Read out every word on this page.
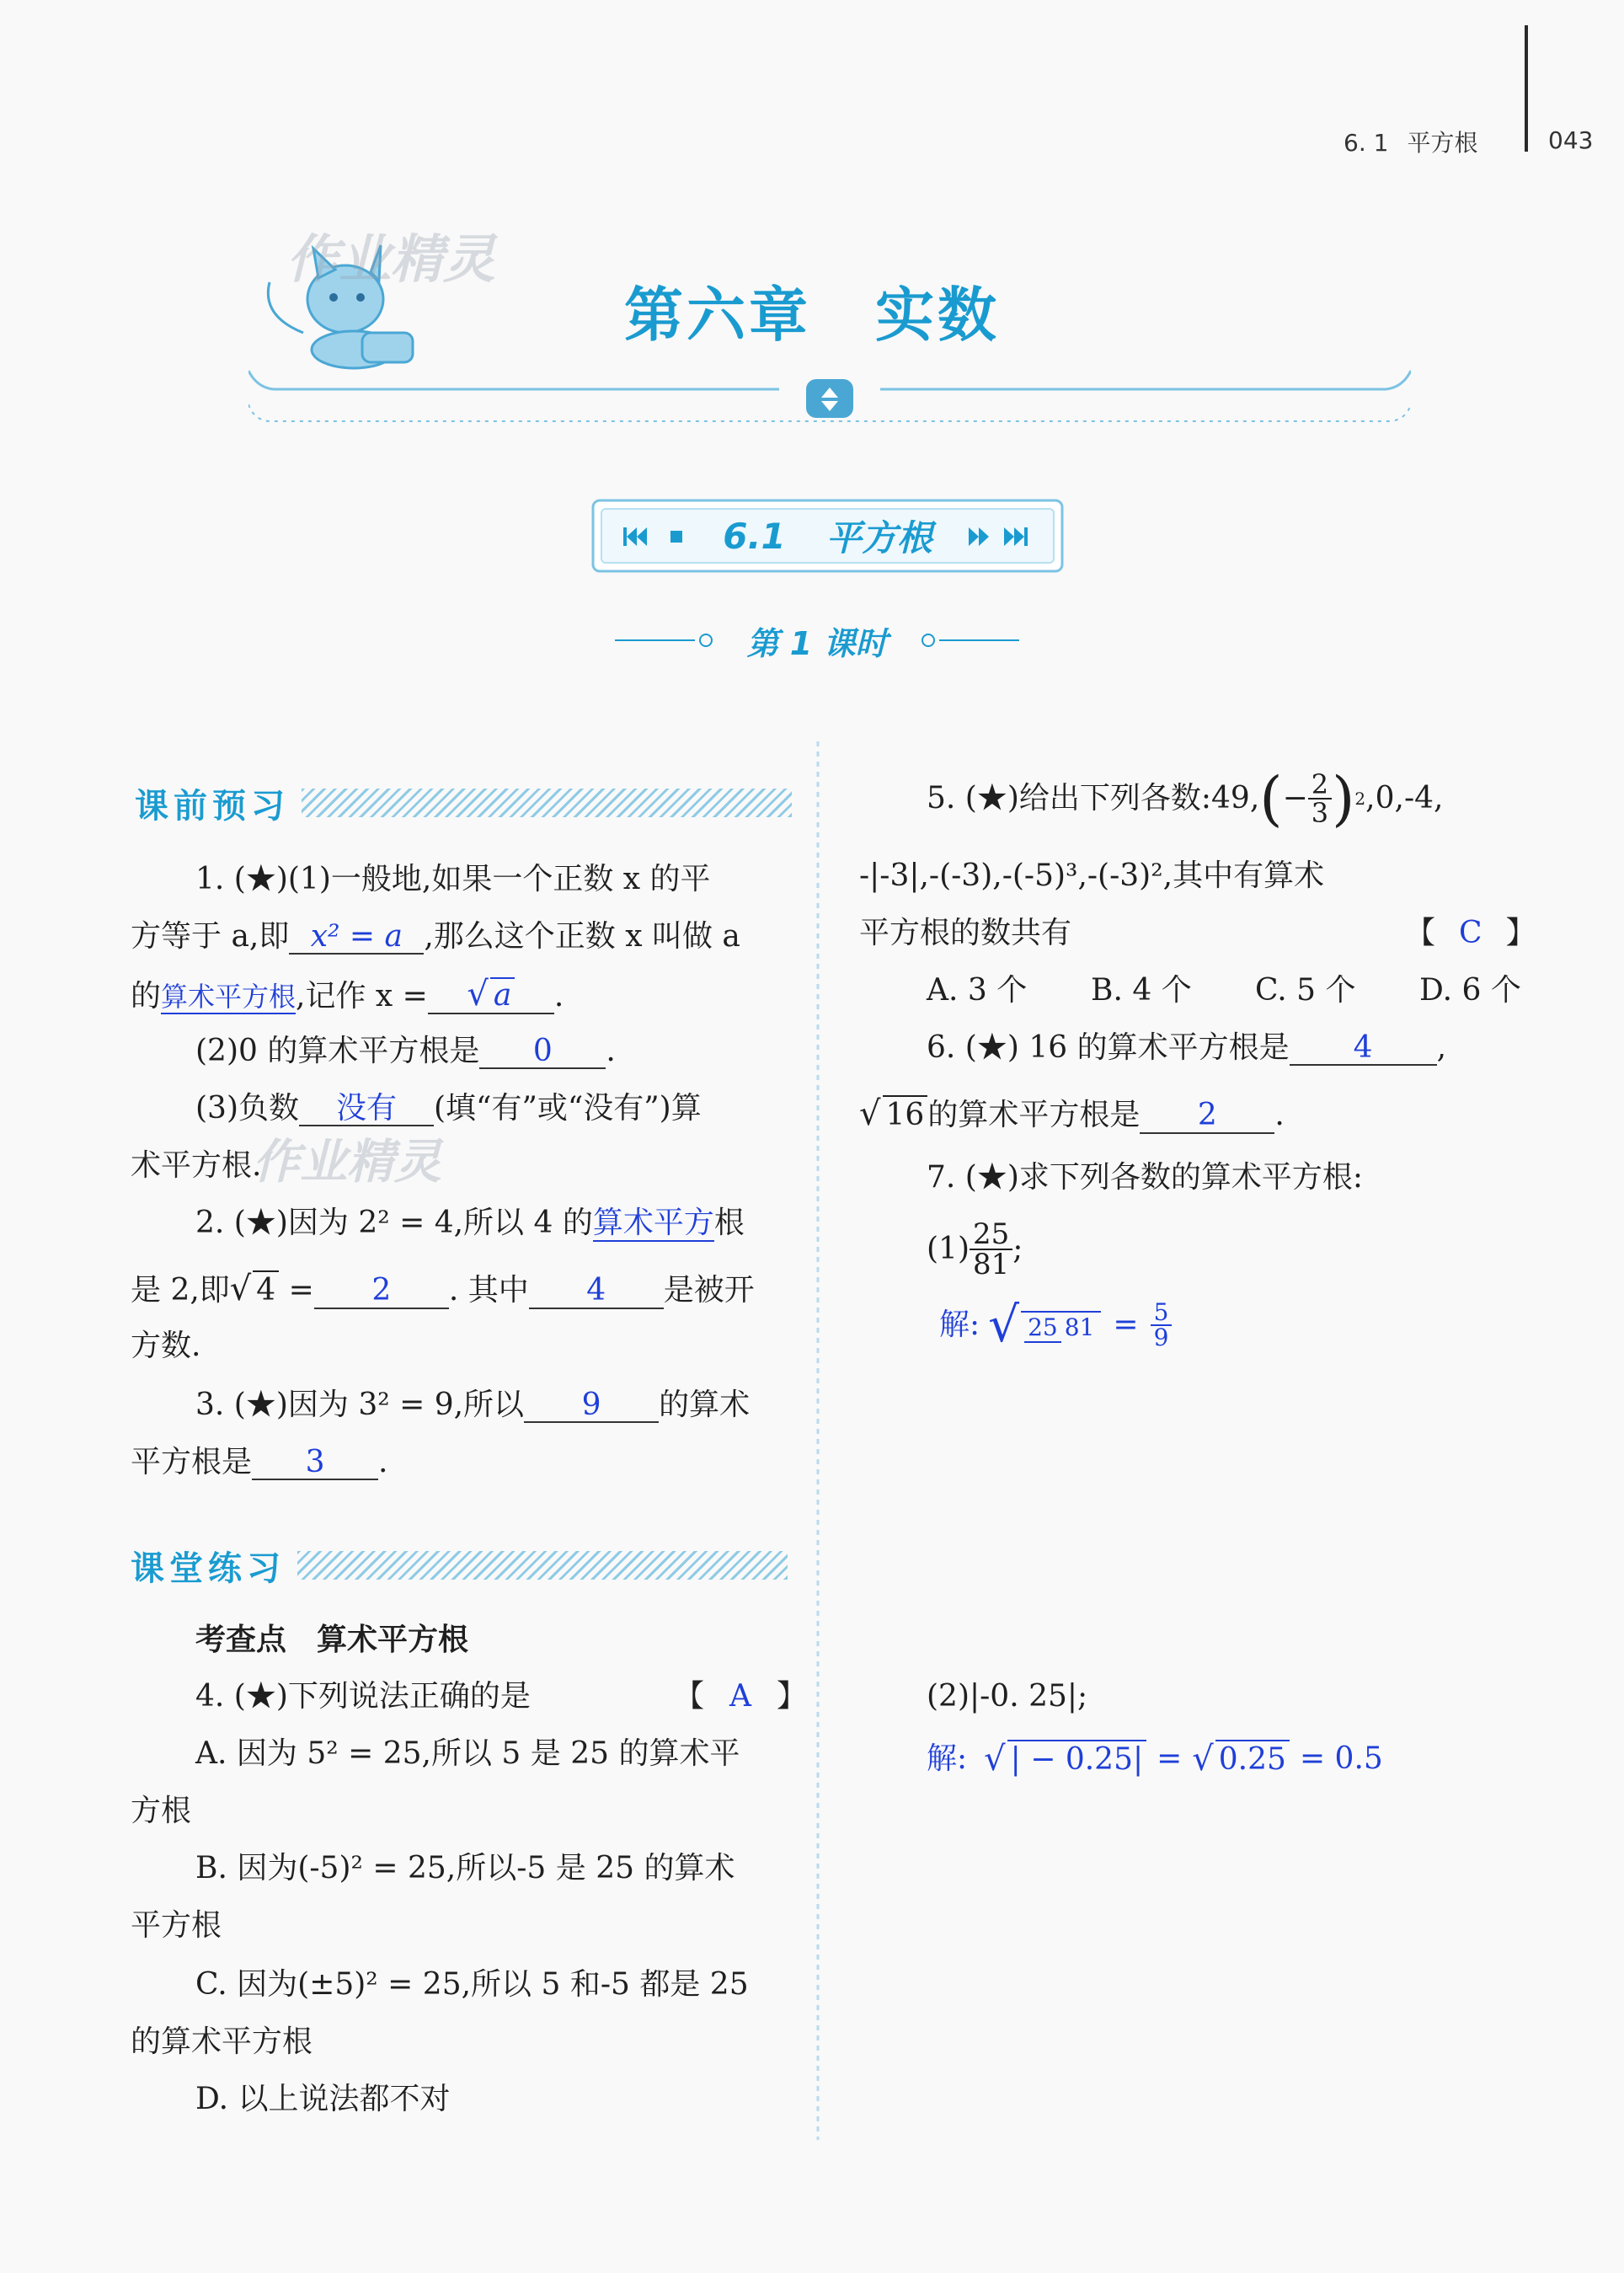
6. 1 平方根	043
作业精灵
第六章 实数
6.1 平方根
第 1 课时
课前预习
1. (★)(1)一般地,如果一个正数 x 的平
方等于 a,即 x² = a ,那么这个正数 x 叫做 a
的算术平方根,记作 x = √ a .
(2)0 的算术平方根是 0 .
(3)负数 没有 (填“有”或“没有”)算
术平方根.
作业精灵
2. (★)因为 2² = 4,所以 4 的算术平方根
是 2,即√ 4 = 2 . 其中 4 是被开
方数.
3. (★)因为 3² = 9,所以 9 的算术
平方根是 3 .
课堂练习
考查点　算术平方根
4. (★)下列说法正确的是	【 A 】
A. 因为 5² = 25,所以 5 是 25 的算术平
方根
B. 因为(-5)² = 25,所以-5 是 25 的算术
平方根
C. 因为(±5)² = 25,所以 5 和-5 都是 25
的算术平方根
D. 以上说法都不对
5. (★)给出下列各数:49, ( − $\frac{2}{3}$ ) 2 ,0,-4,
-|-3|,-(-3),-(-5)³,-(-3)²,其中有算术
平方根的数共有	【 C 】
A. 3 个 B. 4 个 C. 5 个 D. 6 个
6. (★) 16 的算术平方根是 4 ,
√ 16 的算术平方根是 2 .
7. (★)求下列各数的算术平方根:
$(1) \frac{25}{81}$ ;
解: √ 25 $81 = \frac{5}{9}$
(2)|-0. 25|;
解: √ | − 0.25| = √ 0.25 = 0.5
